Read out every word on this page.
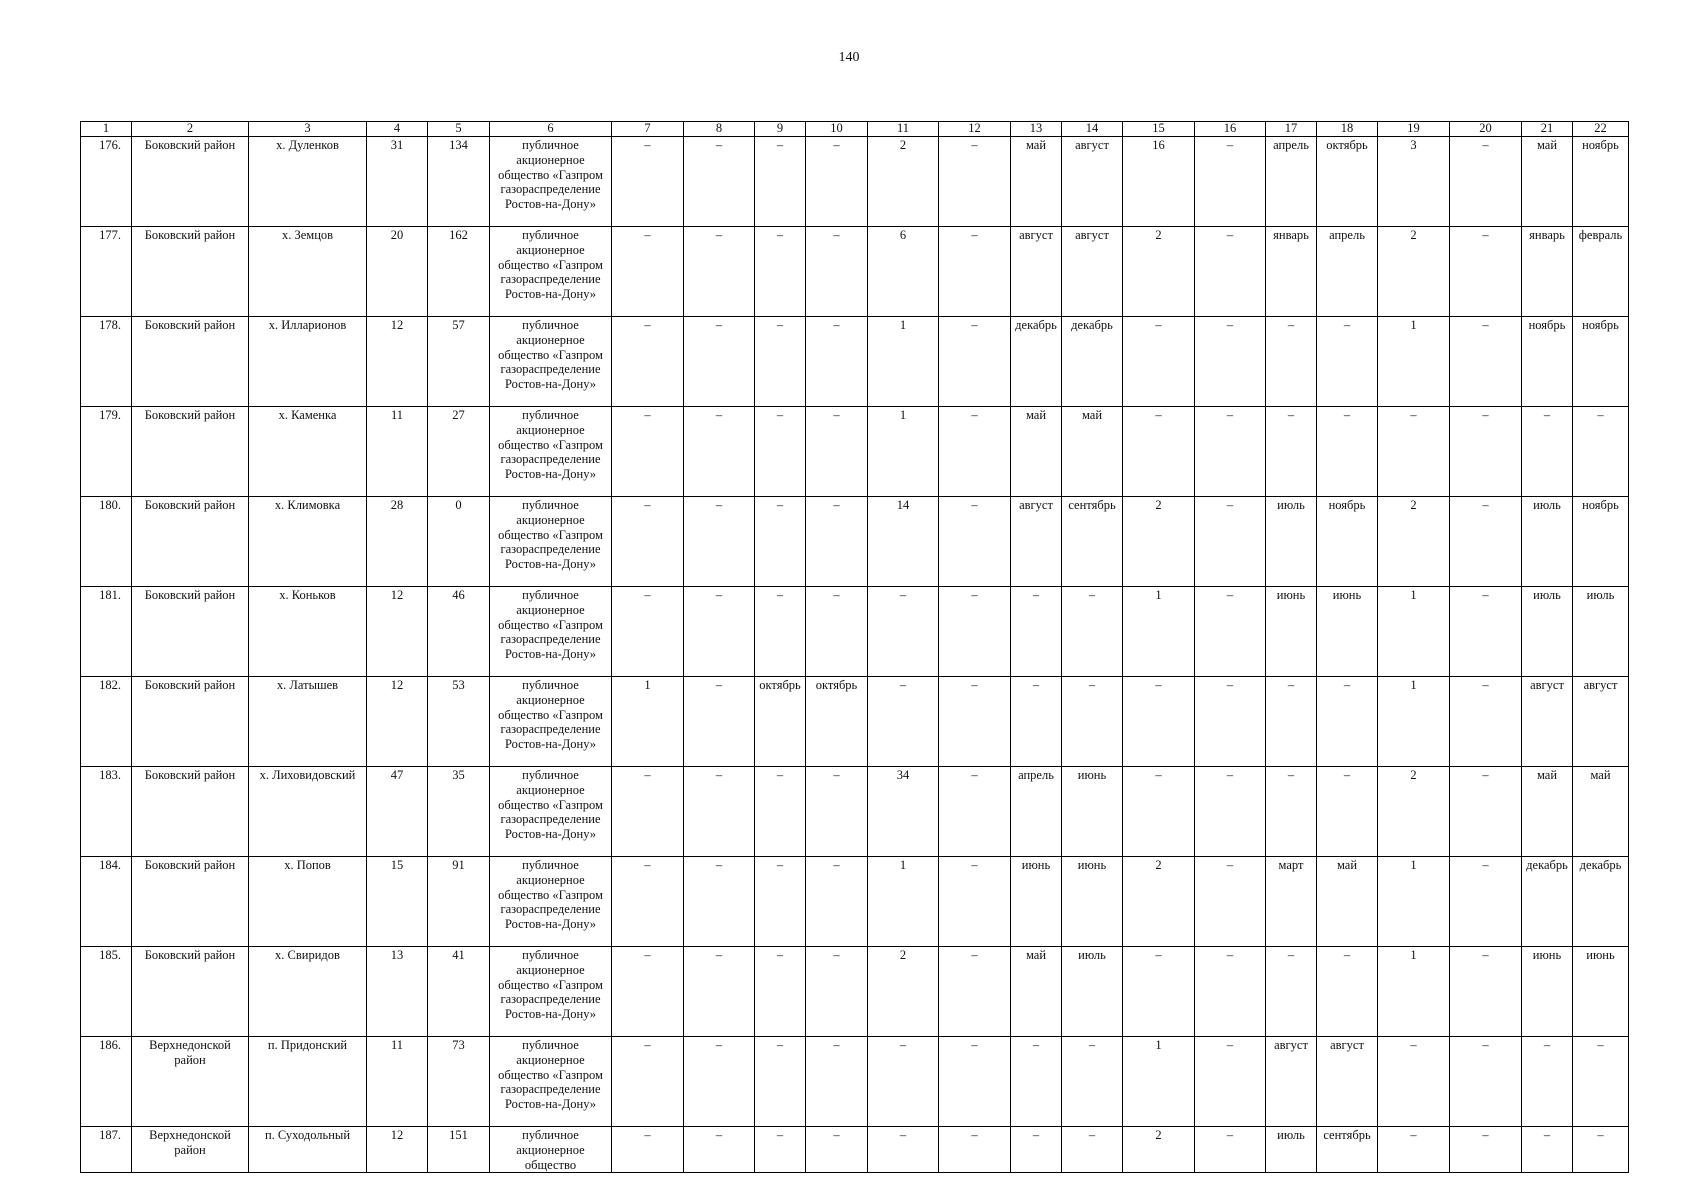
140
1	2	3	4	5	6	7	8	9	10	11	12	13	14	15	16	17	18	19	20	21	22
176.	Боковский район	х. Дуленков	31	134	публичное акционерное общество «Газпром газораспределение Ростов-на-Дону»	–	–	–	–	2	–	май	август	16	–	апрель	октябрь	3	–	май	ноябрь
177.	Боковский район	х. Земцов	20	162	публичное акционерное общество «Газпром газораспределение Ростов-на-Дону»	–	–	–	–	6	–	август	август	2	–	январь	апрель	2	–	январь	февраль
178.	Боковский район	х. Илларионов	12	57	публичное акционерное общество «Газпром газораспределение Ростов-на-Дону»	–	–	–	–	1	–	декабрь	декабрь	–	–	–	–	1	–	ноябрь	ноябрь
179.	Боковский район	х. Каменка	11	27	публичное акционерное общество «Газпром газораспределение Ростов-на-Дону»	–	–	–	–	1	–	май	май	–	–	–	–	–	–	–	–
180.	Боковский район	х. Климовка	28	0	публичное акционерное общество «Газпром газораспределение Ростов-на-Дону»	–	–	–	–	14	–	август	сентябрь	2	–	июль	ноябрь	2	–	июль	ноябрь
181.	Боковский район	х. Коньков	12	46	публичное акционерное общество «Газпром газораспределение Ростов-на-Дону»	–	–	–	–	–	–	–	–	1	–	июнь	июнь	1	–	июль	июль
182.	Боковский район	х. Латышев	12	53	публичное акционерное общество «Газпром газораспределение Ростов-на-Дону»	1	–	октябрь	октябрь	–	–	–	–	–	–	–	–	1	–	август	август
183.	Боковский район	х. Лиховидовский	47	35	публичное акционерное общество «Газпром газораспределение Ростов-на-Дону»	–	–	–	–	34	–	апрель	июнь	–	–	–	–	2	–	май	май
184.	Боковский район	х. Попов	15	91	публичное акционерное общество «Газпром газораспределение Ростов-на-Дону»	–	–	–	–	1	–	июнь	июнь	2	–	март	май	1	–	декабрь	декабрь
185.	Боковский район	х. Свиридов	13	41	публичное акционерное общество «Газпром газораспределение Ростов-на-Дону»	–	–	–	–	2	–	май	июль	–	–	–	–	1	–	июнь	июнь
186.	Верхнедонской район	п. Придонский	11	73	публичное акционерное общество «Газпром газораспределение Ростов-на-Дону»	–	–	–	–	–	–	–	–	1	–	август	август	–	–	–	–
187.	Верхнедонской район	п. Суходольный	12	151	публичное акционерное общество	–	–	–	–	–	–	–	–	2	–	июль	сентябрь	–	–	–	–
